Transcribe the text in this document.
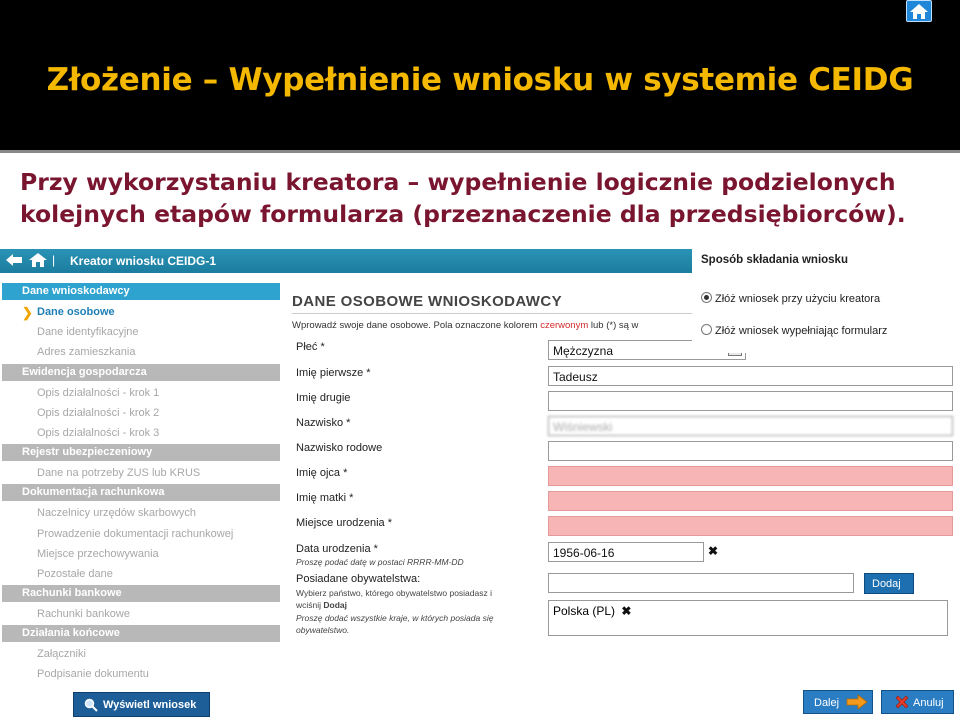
Złożenie – Wypełnienie wniosku w systemie CEIDG
Przy wykorzystaniu kreatora – wypełnienie logicznie podzielonych kolejnych etapów formularza (przeznaczenie dla przedsiębiorców).
| Kreator wniosku CEIDG-1
Dane wnioskodawcy
❯ Dane osobowe
Dane identyfikacyjne
Adres zamieszkania
Ewidencja gospodarcza
Opis działalności - krok 1
Opis działalności - krok 2
Opis działalności - krok 3
Rejestr ubezpieczeniowy
Dane na potrzeby ZUS lub KRUS
Dokumentacja rachunkowa
Naczelnicy urzędów skarbowych
Prowadzenie dokumentacji rachunkowej
Miejsce przechowywania
Pozostałe dane
Rachunki bankowe
Rachunki bankowe
Działania końcowe
Załączniki
Podpisanie dokumentu
Wyświetl wniosek
DANE OSOBOWE WNIOSKODAWCY
Wprowadź swoje dane osobowe. Pola oznaczone kolorem czerwonym lub (*) są w
Płeć *	Mężczyzna
Imię pierwsze *	Tadeusz
Imię drugie
Nazwisko *	Wiśniewski
Nazwisko rodowe
Imię ojca *
Imię matki *
Miejsce urodzenia *
Data urodzenia *
Proszę podać datę w postaci RRRR-MM-DD
1956-06-16	✖
Posiadane obywatelstwa:
Wybierz państwo, którego obywatelstwo posiadasz i
wciśnij Dodaj
Proszę dodać wszystkie kraje, w których posiada się
obywatelstwo.
Dodaj
Polska (PL) ✖
Sposób składania wniosku
Złóż wniosek przy użyciu kreatora
Złóż wniosek wypełniając formularz
Dalej	Anuluj
